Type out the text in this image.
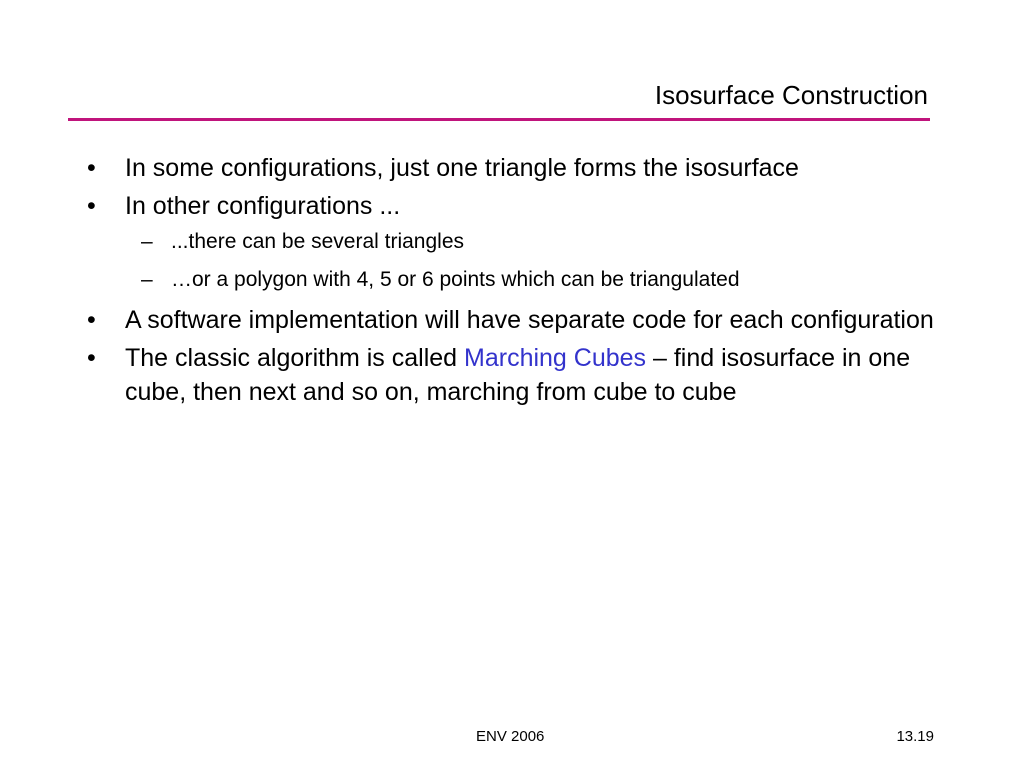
Isosurface Construction
•	In some configurations, just one triangle forms the isosurface
•	In other configurations ...
– ...there can be several triangles
– …or a polygon with 4, 5 or 6 points which can be triangulated
•	A software implementation will have separate code for each configuration
•	The classic algorithm is called Marching Cubes – find isosurface in one cube, then next and so on, marching from cube to cube
ENV 2006	13.19
